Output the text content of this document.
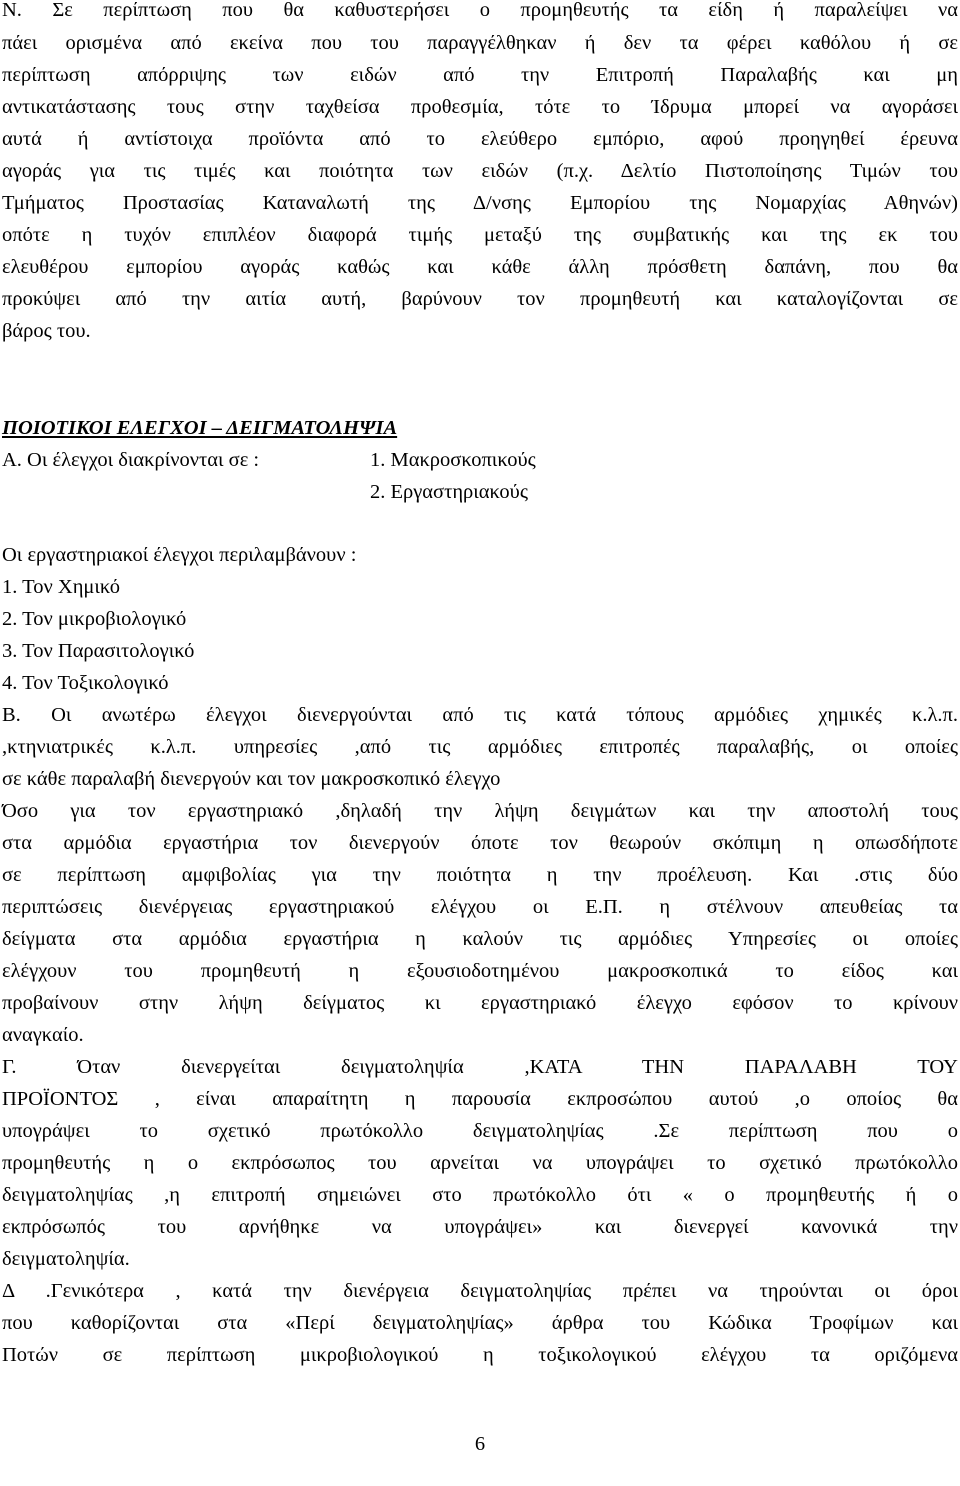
Ν. Σε περίπτωση που θα καθυστερήσει ο προμηθευτής τα είδη ή παραλείψει να
πάει ορισμένα από εκείνα που του παραγγέλθηκαν ή δεν τα φέρει καθόλου ή σε
περίπτωση απόρριψης των ειδών από την Επιτροπή Παραλαβής και μη
αντικατάστασης τους στην ταχθείσα προθεσμία, τότε το Ίδρυμα μπορεί να αγοράσει
αυτά ή αντίστοιχα προϊόντα από το ελεύθερο εμπόριο, αφού προηγηθεί έρευνα
αγοράς για τις τιμές και ποιότητα των ειδών (π.χ. Δελτίο Πιστοποίησης Τιμών του
Τμήματος Προστασίας Καταναλωτή της Δ/νσης Εμπορίου της Νομαρχίας Αθηνών)
οπότε η τυχόν επιπλέον διαφορά τιμής μεταξύ της συμβατικής και της εκ του
ελευθέρου εμπορίου αγοράς καθώς και κάθε άλλη πρόσθετη δαπάνη, που θα
προκύψει από την αιτία αυτή, βαρύνουν τον προμηθευτή και καταλογίζονται σε
βάρος του.
ΠΟΙΟΤΙΚΟΙ ΕΛΕΓΧΟΙ – ΔΕΙΓΜΑΤΟΛΗΨΙΑ
Α. Οι έλεγχοι διακρίνονται σε :	1. Μακροσκοπικούς
2. Εργαστηριακούς
Οι εργαστηριακοί έλεγχοι περιλαμβάνουν :
1. Τον Χημικό
2. Τον μικροβιολογικό
3. Τον Παρασιτολογικό
4. Τον Τοξικολογικό
Β. Οι ανωτέρω έλεγχοι διενεργούνται από τις κατά τόπους αρμόδιες χημικές κ.λ.π.
,κτηνιατρικές κ.λ.π. υπηρεσίες ,από τις αρμόδιες επιτροπές παραλαβής, οι οποίες
σε κάθε παραλαβή διενεργούν και τον μακροσκοπικό έλεγχο
Όσο για τον εργαστηριακό ,δηλαδή την λήψη δειγμάτων και την αποστολή τους
στα αρμόδια εργαστήρια τον διενεργούν όποτε τον θεωρούν σκόπιμη η οπωσδήποτε
σε περίπτωση αμφιβολίας για την ποιότητα η την προέλευση. Και .στις δύο
περιπτώσεις διενέργειας εργαστηριακού ελέγχου οι Ε.Π. η στέλνουν απευθείας τα
δείγματα στα αρμόδια εργαστήρια η καλούν τις αρμόδιες Υπηρεσίες οι οποίες
ελέγχουν του προμηθευτή η εξουσιοδοτημένου μακροσκοπικά το είδος και
προβαίνουν στην λήψη δείγματος κι εργαστηριακό έλεγχο εφόσον το κρίνουν
αναγκαίο.
Γ. Όταν διενεργείται δειγματοληψία ,ΚΑΤΑ ΤΗΝ ΠΑΡΑΛΑΒΗ ΤΟΥ
ΠΡΟΪΟΝΤΟΣ , είναι απαραίτητη η παρουσία εκπροσώπου αυτού ,ο οποίος θα
υπογράψει το σχετικό πρωτόκολλο δειγματοληψίας .Σε περίπτωση που ο
προμηθευτής η ο εκπρόσωπος του αρνείται να υπογράψει το σχετικό πρωτόκολλο
δειγματοληψίας ,η επιτροπή σημειώνει στο πρωτόκολλο ότι « ο προμηθευτής ή ο
εκπρόσωπός του αρνήθηκε να υπογράψει» και διενεργεί κανονικά την
δειγματοληψία.
Δ .Γενικότερα , κατά την διενέργεια δειγματοληψίας πρέπει να τηρούνται οι όροι
που καθορίζονται στα «Περί δειγματοληψίας» άρθρα του Κώδικα Τροφίμων και
Ποτών σε περίπτωση μικροβιολογικού η τοξικολογικού ελέγχου τα οριζόμενα
6
